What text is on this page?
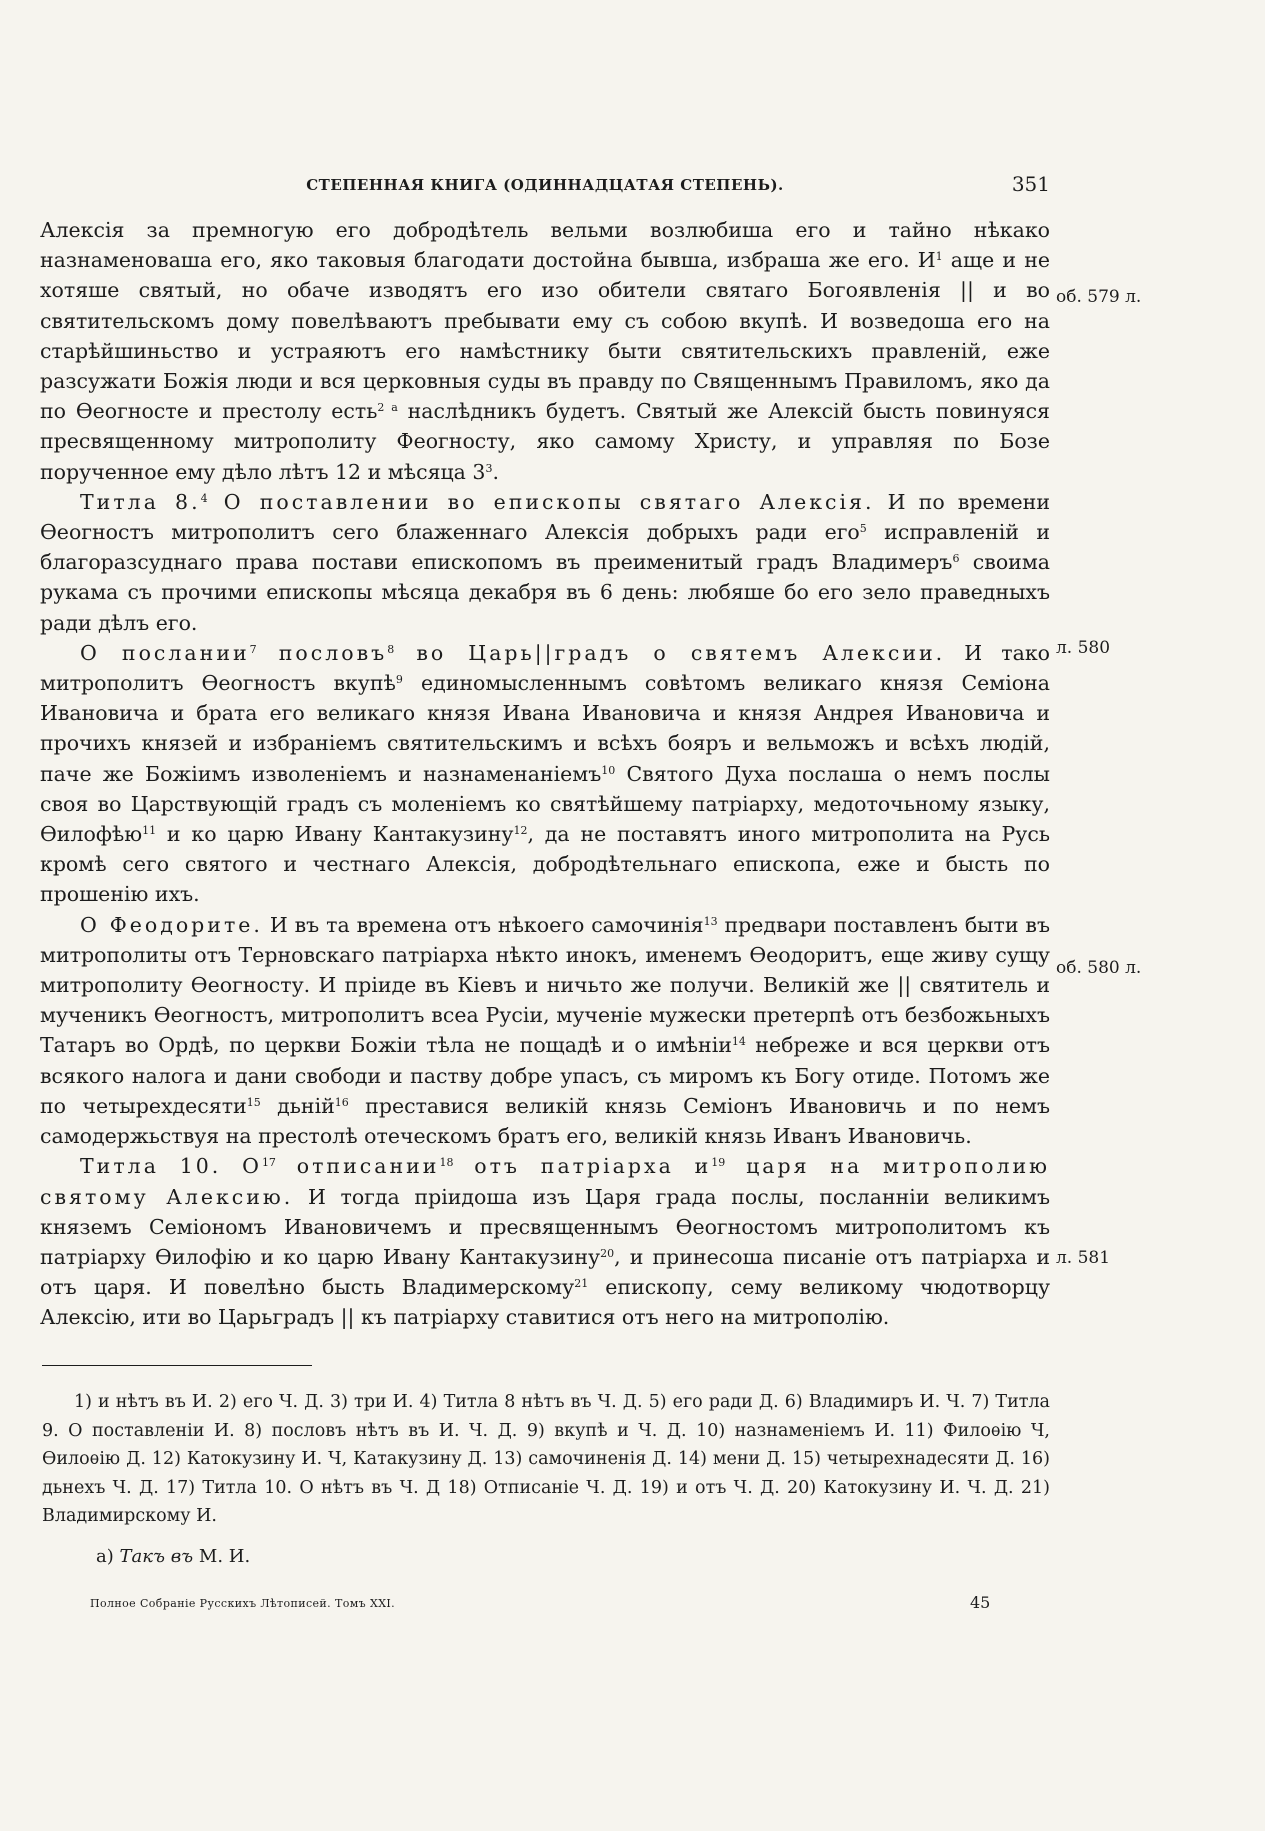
СТЕПЕННАЯ КНИГА (ОДИННАДЦАТАЯ СТЕПЕНЬ).	351

Алексія за премногую его добродѣтель вельми возлюбиша его и тайно нѣкако назнаменоваша его, яко таковыя благодати достойна бывша, избраша же его. $И^1$ аще и не хотяше святый, но обаче изводятъ его изо обители святаго Богоявленія || и во святительскомъ дому повелѣваютъ пребывати ему съ собою вкупѣ. И возведоша его на старѣйшиньство и устраяютъ его намѣстнику быти святительскихъ правленій, еже разсужати Божія люди и вся церковныя суды въ правду по Священнымъ Правиломъ, яко да по Өеогносте и престолу есть$^{2 а}$ наслѣдникъ будетъ. Святый же Алексій бысть повинуяся пресвященному митрополиту Феогносту, яко самому Христу, и управляя по Бозе порученное ему дѣло лѣтъ 12 и мѣсяца $3^3$.

Титла 8.$^4$ О поставлении во епископы святаго Алексія. И по времени Өеогностъ митрополитъ сего блаженнаго Алексія добрыхъ ради его$^5$ исправленій и благоразсуднаго права постави епископомъ въ преименитый градъ Владимеръ$^6$ своима рукама съ прочими епископы мѣсяца декабря въ 6 день: любяше бо его зело праведныхъ ради дѣлъ его.

О послании$^7$ пословъ$^8$ во Царь||градъ о святемъ Алексии. И тако митрополитъ Өеогностъ вкупѣ$^9$ единомысленнымъ совѣтомъ великаго князя Семіона Ивановича и брата его великаго князя Ивана Ивановича и князя Андрея Ивановича и прочихъ князей и избраніемъ святительскимъ и всѣхъ бояръ и вельможъ и всѣхъ людій, паче же Божіимъ изволеніемъ и назнаменаніемъ$^{10}$ Святого Духа послаша о немъ послы своя во Царствующій градъ съ моленіемъ ко святѣйшему патріарху, медоточьному языку, Өилофѣю$^{11}$ и ко царю Ивану Кантакузину$^{12}$, да не поставятъ иного митрополита на Русь кромѣ сего святого и честнаго Алексія, добродѣтельнаго епископа, еже и бысть по прошенію ихъ.

О Феодорите. И въ та времена отъ нѣкоего самочинія$^{13}$ предвари поставленъ быти въ митрополиты отъ Терновскаго патріарха нѣкто инокъ, именемъ Өеодоритъ, еще живу сущу митрополиту Өеогносту. И пріиде въ Кіевъ и ничьто же получи. Великій же || святитель и мученикъ Өеогностъ, митрополитъ всеа Русіи, мученіе мужески претерпѣ отъ безбожьныхъ Татаръ во Ордѣ, по церкви Божіи тѣла не пощадѣ и о имѣніи$^{14}$ небреже и вся церкви отъ всякого налога и дани свободи и паству добре упасъ, съ миромъ къ Богу отиде. Потомъ же по четырехдесяти$^{15}$ дьній$^{16}$ преставися великій князь Семіонъ Ивановичь и по немъ самодержьствуя на престолѣ отеческомъ братъ его, великій князь Иванъ Ивановичь.

Титла 10. $О^{17}$ отписании$^{18}$ отъ патріарха $и^{19}$ царя на митрополию святому Алексию. И тогда пріидоша изъ Царя града послы, посланніи великимъ княземъ Семіономъ Ивановичемъ и пресвященнымъ Өеогностомъ митрополитомъ къ патріарху Өилофію и ко царю Ивану Кантакузину$^{20}$, и принесоша писаніе отъ патріарха и отъ царя. И повелѣно бысть Владимерскому$^{21}$ епископу, сему великому чюдотворцу Алексію, ити во Царьградъ || къ патріарху ставитися отъ него на митрополію.

об. 579 л.
л. 580
об. 580 л.
л. 581

1) и нѣтъ въ И. 2) его Ч. Д. 3) три И. 4) Титла 8 нѣтъ въ Ч. Д. 5) его ради Д. 6) Владимиръ И. Ч. 7) Титла 9. О поставленіи И. 8) пословъ нѣтъ въ И. Ч. Д. 9) вкупѣ и Ч. Д. 10) назнаменіемъ И. 11) Филоѳію Ч, Өилоѳію Д. 12) Катокузину И. Ч, Катакузину Д. 13) самочиненія Д. 14) мени Д. 15) четырехнадесяти Д. 16) дьнехъ Ч. Д. 17) Титла 10. О нѣтъ въ Ч. Д 18) Отписаніе Ч. Д. 19) и отъ Ч. Д. 20) Катокузину И. Ч. Д. 21) Владимирскому И.

а) Такъ въ М. И.
Полное Собраніе Русскихъ Лѣтописей. Томъ XXI.	45
